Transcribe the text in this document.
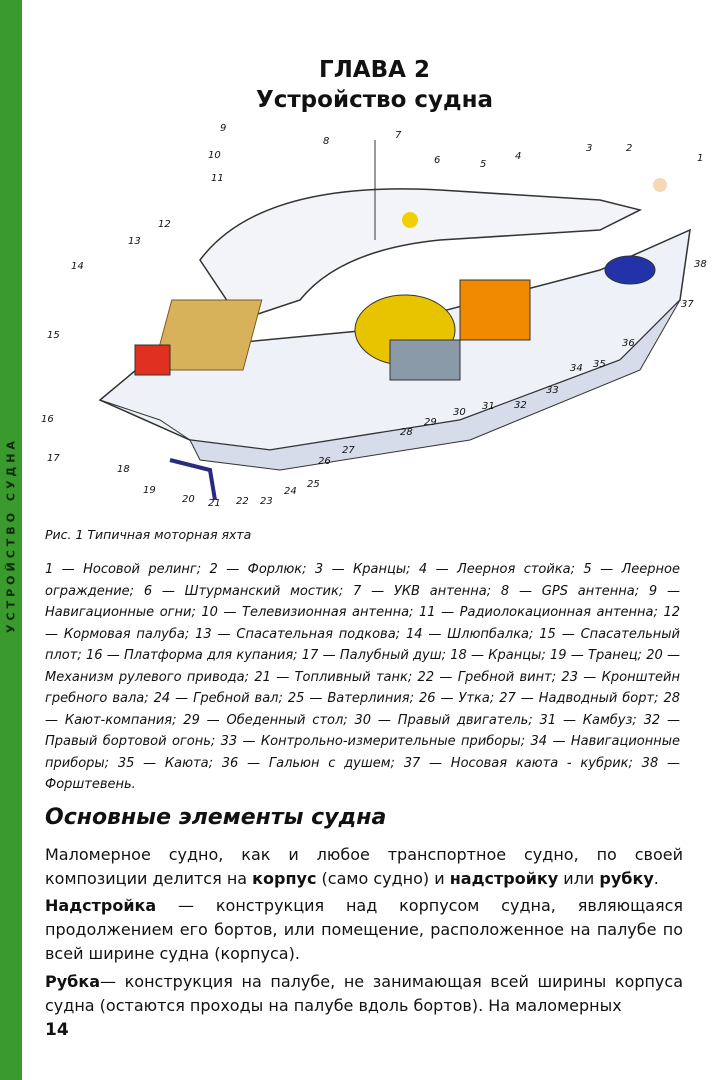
УСТРОЙСТВО СУДНА
ГЛАВА 2
Устройство судна
1
2
3
4
5
6
7
8
9
10
11
12
13
14
15
16
17
18
19
20 21 22 23
24
25
26
27
28
29
30
31 32
33
34 35
36
37
38
Рис. 1 Типичная моторная яхта
1 — Носовой релинг; 2 — Форлюк; 3 — Кранцы; 4 — Леерноя стойка; 5 — Леерное ограждение; 6 — Штурманский мостик; 7 — УКВ антенна; 8 — GPS антенна; 9 — Навигационные огни; 10 — Телевизионная антенна; 11 — Радиолокационная антенна; 12 — Кормовая палуба; 13 — Спасательная подкова; 14 — Шлюпбалка; 15 — Спасательный плот; 16 — Платформа для купания; 17 — Палубный душ; 18 — Кранцы; 19 — Транец; 20 — Механизм рулевого привода; 21 — Топливный танк; 22 — Гребной винт; 23 — Кронштейн гребного вала; 24 — Гребной вал; 25 — Ватерлиния; 26 — Утка; 27 — Надводный борт; 28 — Кают-компания; 29 — Обеденный стол; 30 — Правый двигатель; 31 — Камбуз; 32 — Правый бортовой огонь; 33 — Контрольно-измерительные приборы; 34 — Навигационные приборы; 35 — Каюта; 36 — Гальюн с душем; 37 — Носовая каюта - кубрик; 38 — Форштевень.
Основные элементы судна

Маломерное судно, как и любое транспортное судно, по своей композиции делится на корпус (само судно) и надстройку или рубку.

Надстройка — конструкция над корпусом судна, являющаяся продолжением его бортов, или помещение, расположенное на палубе по всей ширине судна (корпуса).

Рубка— конструкция на палубе, не занимающая всей ширины корпуса судна (остаются проходы на палубе вдоль бортов). На маломерных

14
